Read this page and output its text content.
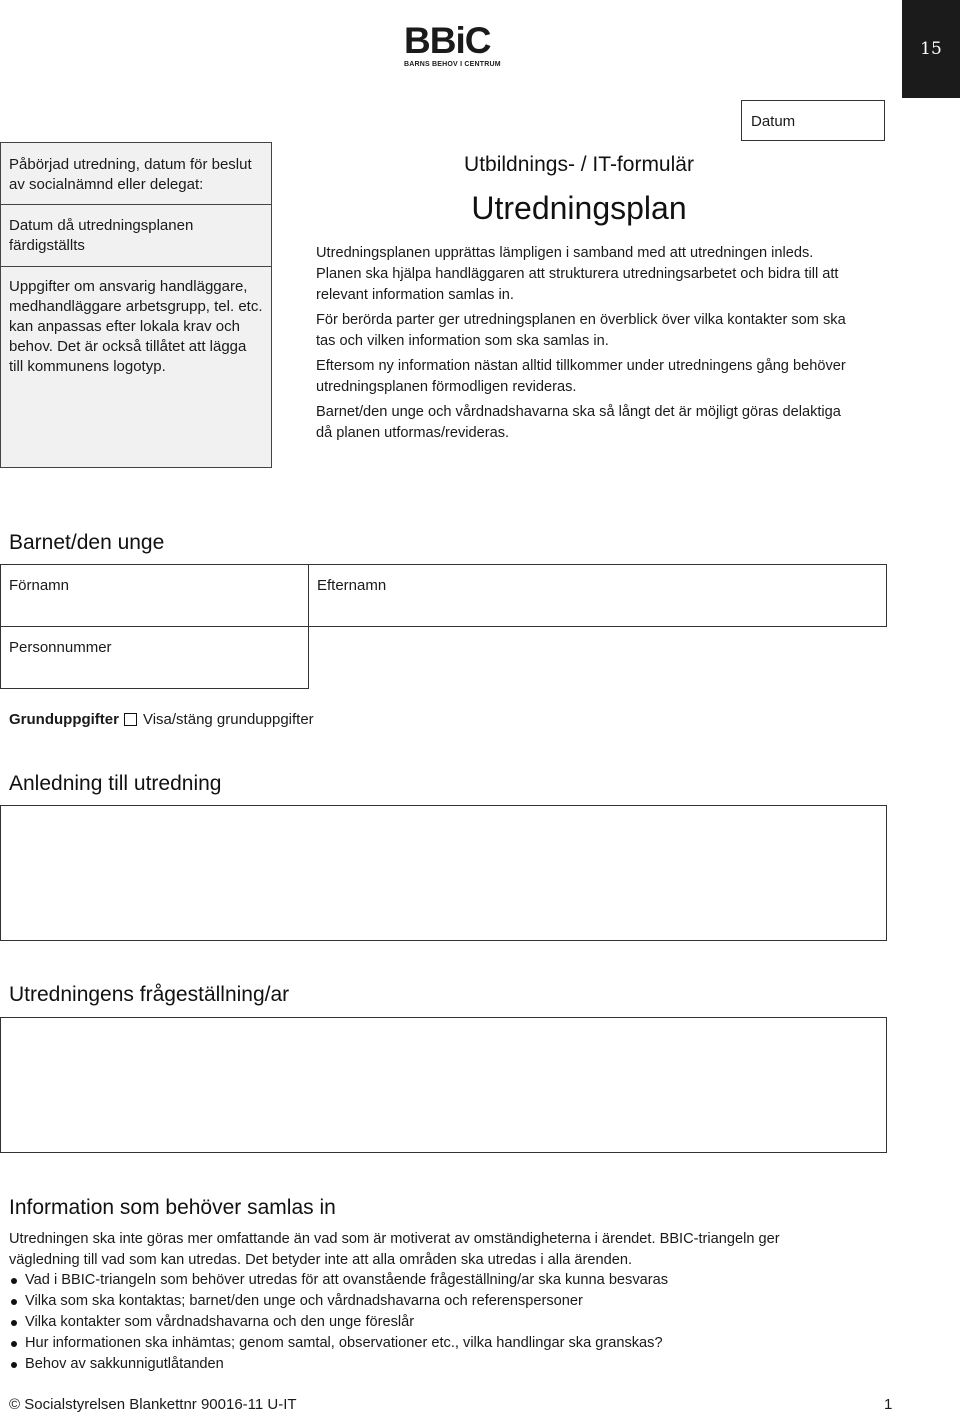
15
BBiC
BARNS BEHOV I CENTRUM
Datum
Påbörjad utredning, datum för beslut av socialnämnd eller delegat:
Datum då utredningsplanen färdigställts
Uppgifter om ansvarig handläggare, medhandläggare arbetsgrupp, tel. etc. kan anpassas efter lokala krav och behov. Det är också tillåtet att lägga till kommunens logotyp.
Utbildnings- / IT-formulär
Utredningsplan

Utredningsplanen upprättas lämpligen i samband med att utredningen inleds. Planen ska hjälpa handläggaren att strukturera utredningsarbetet och bidra till att relevant information samlas in.

För berörda parter ger utredningsplanen en överblick över vilka kontakter som ska tas och vilken information som ska samlas in.

Eftersom ny information nästan alltid tillkommer under utredningens gång behöver utredningsplanen förmodligen revideras.

Barnet/den unge och vårdnadshavarna ska så långt det är möjligt göras delaktiga då planen utformas/revideras.

Barnet/den unge
Förnamn	Efternamn
Personnummer
Grunduppgifter Visa/stäng grunduppgifter
Anledning till utredning
Utredningens frågeställning/ar
Information som behöver samlas in
Utredningen ska inte göras mer omfattande än vad som är motiverat av omständigheterna i ärendet. BBIC-triangeln ger vägledning till vad som kan utredas. Det betyder inte att alla områden ska utredas i alla ärenden.
Vad i BBIC-triangeln som behöver utredas för att ovanstående frågeställning/ar ska kunna besvaras
Vilka som ska kontaktas; barnet/den unge och vårdnadshavarna och referenspersoner
Vilka kontakter som vårdnadshavarna och den unge föreslår
Hur informationen ska inhämtas; genom samtal, observationer etc., vilka handlingar ska granskas?
Behov av sakkunnigutlåtanden
© Socialstyrelsen Blankettnr 90016-11 U-IT	1
